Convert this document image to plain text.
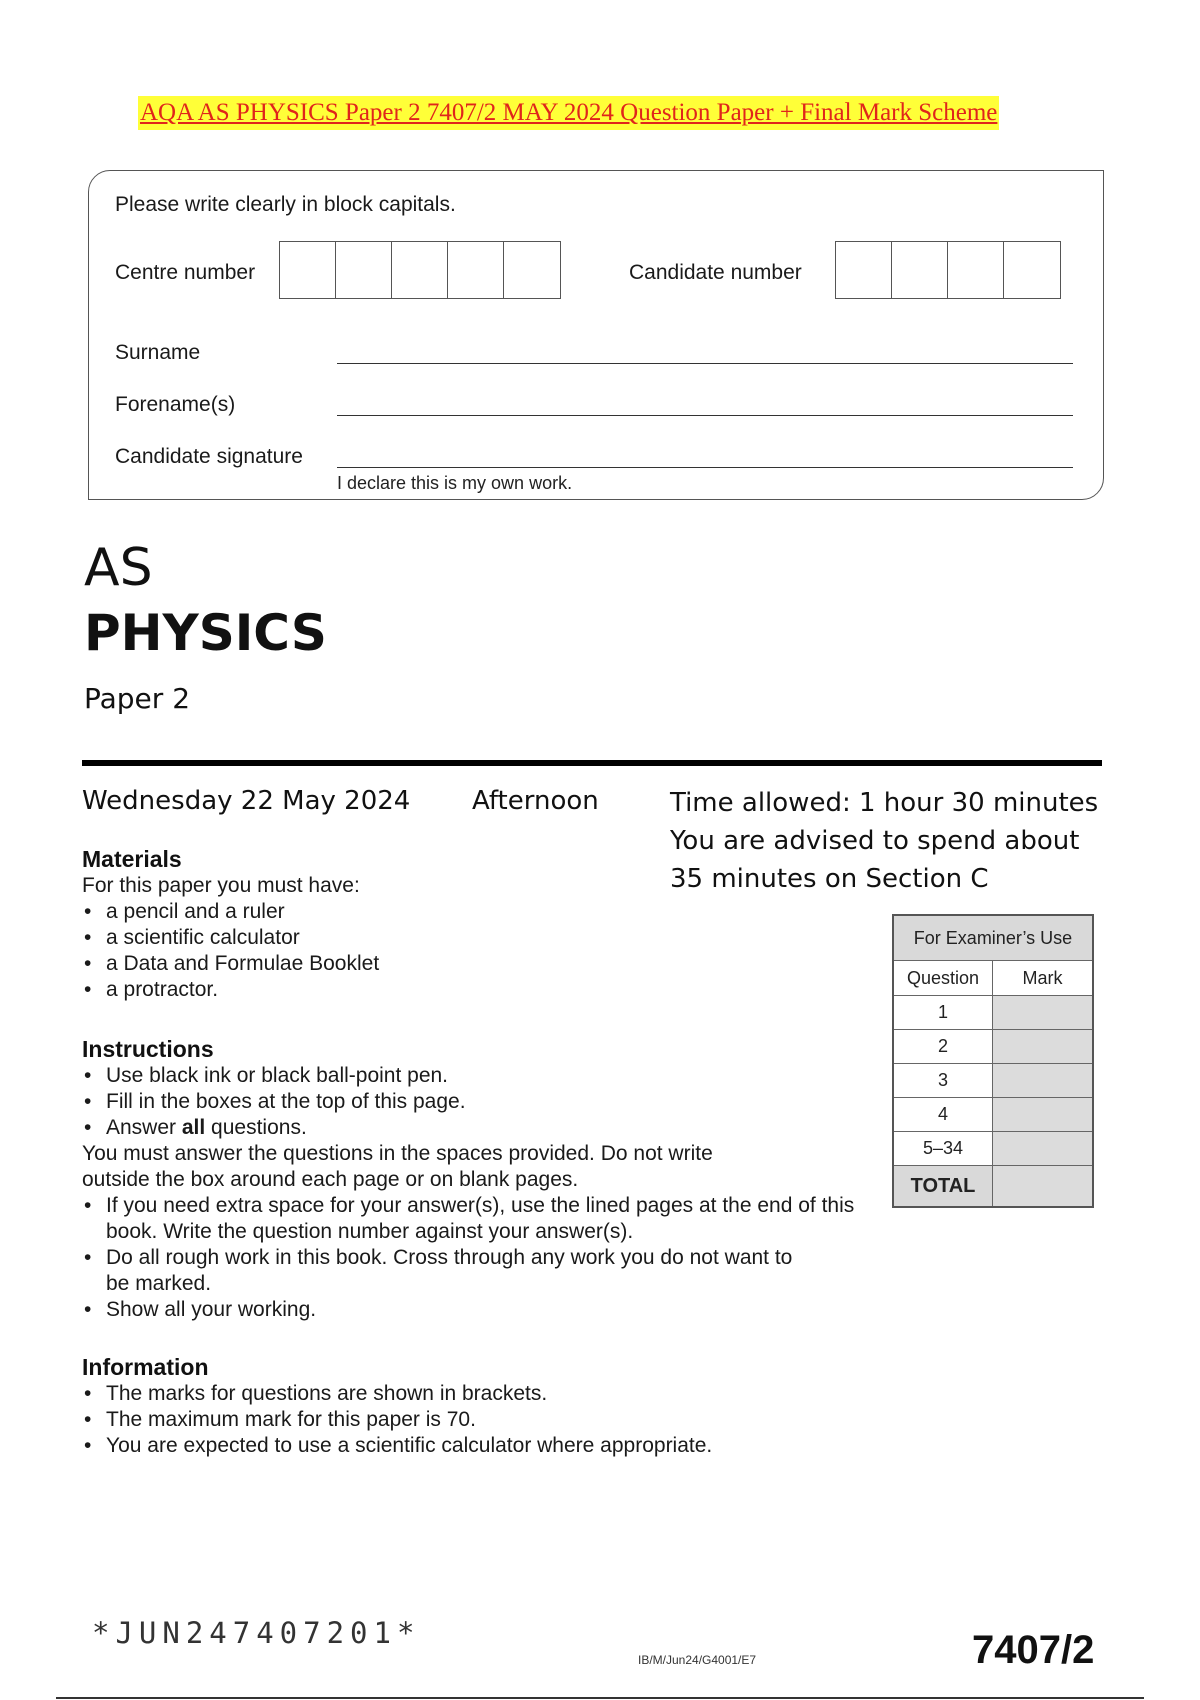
AQA AS PHYSICS Paper 2 7407/2 MAY 2024 Question Paper + Final Mark Scheme
Please write clearly in block capitals.
Centre number	Candidate number
Surname
Forename(s)
Candidate signature
I declare this is my own work.
AS
PHYSICS
Paper 2
Wednesday 22 May 2024 Afternoon	Time allowed: 1 hour 30 minutes
You are advised to spend about
35 minutes on Section C
Materials
For this paper you must have:
• a pencil and a ruler
• a scientific calculator
• a Data and Formulae Booklet
• a protractor.
Instructions
• Use black ink or black ball-point pen.
• Fill in the boxes at the top of this page.
• Answer all questions.
You must answer the questions in the spaces provided. Do not write
outside the box around each page or on blank pages.
• If you need extra space for your answer(s), use the lined pages at the end of this book. Write the question number against your answer(s).
• Do all rough work in this book. Cross through any work you do not want to be marked.
• Show all your working.
Information
• The marks for questions are shown in brackets.
• The maximum mark for this paper is 70.
• You are expected to use a scientific calculator where appropriate.
For Examiner’s Use	
Question	Mark
1	
2	
3	
4	
5–34	
TOTAL	
*JUN247407201*
IB/M/Jun24/G4001/E7	7407/2
